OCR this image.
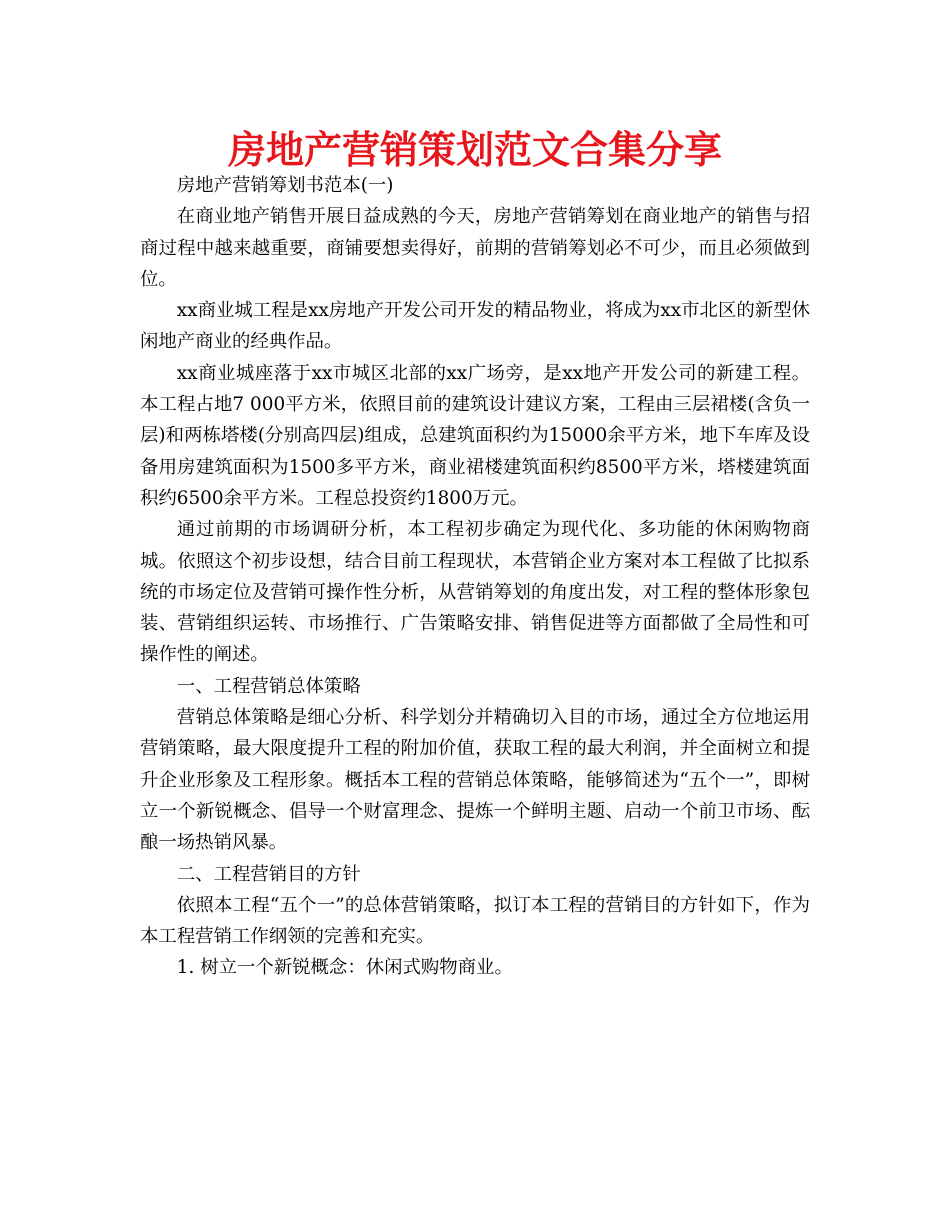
房地产营销策划范文合集分享

房地产营销筹划书范本(一)

在商业地产销售开展日益成熟的今天，房地产营销筹划在商业地产的销售与招商过程中越来越重要，商铺要想卖得好，前期的营销筹划必不可少，而且必须做到位。

xx商业城工程是xx房地产开发公司开发的精品物业，将成为xx市北区的新型休闲地产商业的经典作品。

xx商业城座落于xx市城区北部的xx广场旁，是xx地产开发公司的新建工程。本工程占地7 000平方米，依照目前的建筑设计建议方案，工程由三层裙楼(含负一层)和两栋塔楼(分别高四层)组成，总建筑面积约为15000余平方米，地下车库及设备用房建筑面积为1500多平方米，商业裙楼建筑面积约8500平方米，塔楼建筑面积约6500余平方米。工程总投资约1800万元。

通过前期的市场调研分析，本工程初步确定为现代化、多功能的休闲购物商城。依照这个初步设想，结合目前工程现状，本营销企业方案对本工程做了比拟系统的市场定位及营销可操作性分析，从营销筹划的角度出发，对工程的整体形象包装、营销组织运转、市场推行、广告策略安排、销售促进等方面都做了全局性和可操作性的阐述。

一、工程营销总体策略

营销总体策略是细心分析、科学划分并精确切入目的市场，通过全方位地运用营销策略，最大限度提升工程的附加价值，获取工程的最大利润，并全面树立和提升企业形象及工程形象。概括本工程的营销总体策略，能够简述为“五个一”，即树立一个新锐概念、倡导一个财富理念、提炼一个鲜明主题、启动一个前卫市场、酝酿一场热销风暴。

二、工程营销目的方针

依照本工程“五个一”的总体营销策略，拟订本工程的营销目的方针如下，作为本工程营销工作纲领的完善和充实。

1. 树立一个新锐概念：休闲式购物商业。
